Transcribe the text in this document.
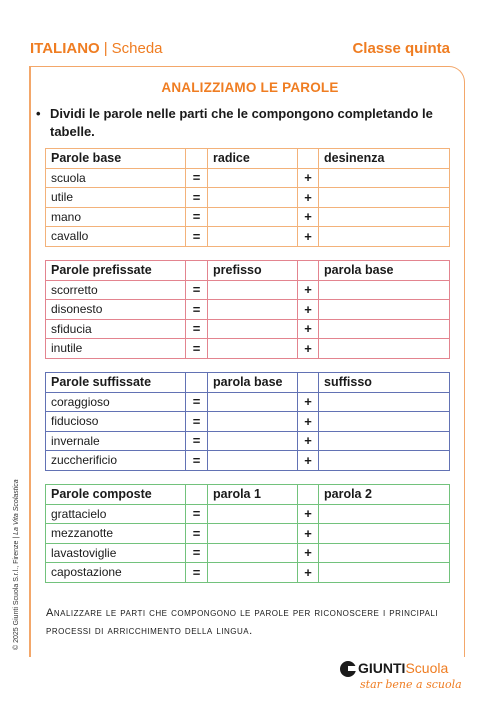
ITALIANO | Scheda	Classe quinta
ANALIZZIAMO LE PAROLE
• Dividi le parole nelle parti che le compongono completando le tabelle.
Parole base		radice		desinenza
scuola	=		+	
utile	=		+	
mano	=		+	
cavallo	=		+	
Parole prefissate		prefisso		parola base
scorretto	=		+	
disonesto	=		+	
sfiducia	=		+	
inutile	=		+	
Parole suffissate		parola base		suffisso
coraggioso	=		+	
fiducioso	=		+	
invernale	=		+	
zuccherificio	=		+	
Parole composte		parola 1		parola 2
grattacielo	=		+	
mezzanotte	=		+	
lavastoviglie	=		+	
capostazione	=		+	
Analizzare le parti che compongono le parole per riconoscere i principali processi di arricchimento della lingua.
© 2025 Giunti Scuola S.r.l., Firenze | La Vita Scolastica
GIUNTIScuola
star bene a scuola
